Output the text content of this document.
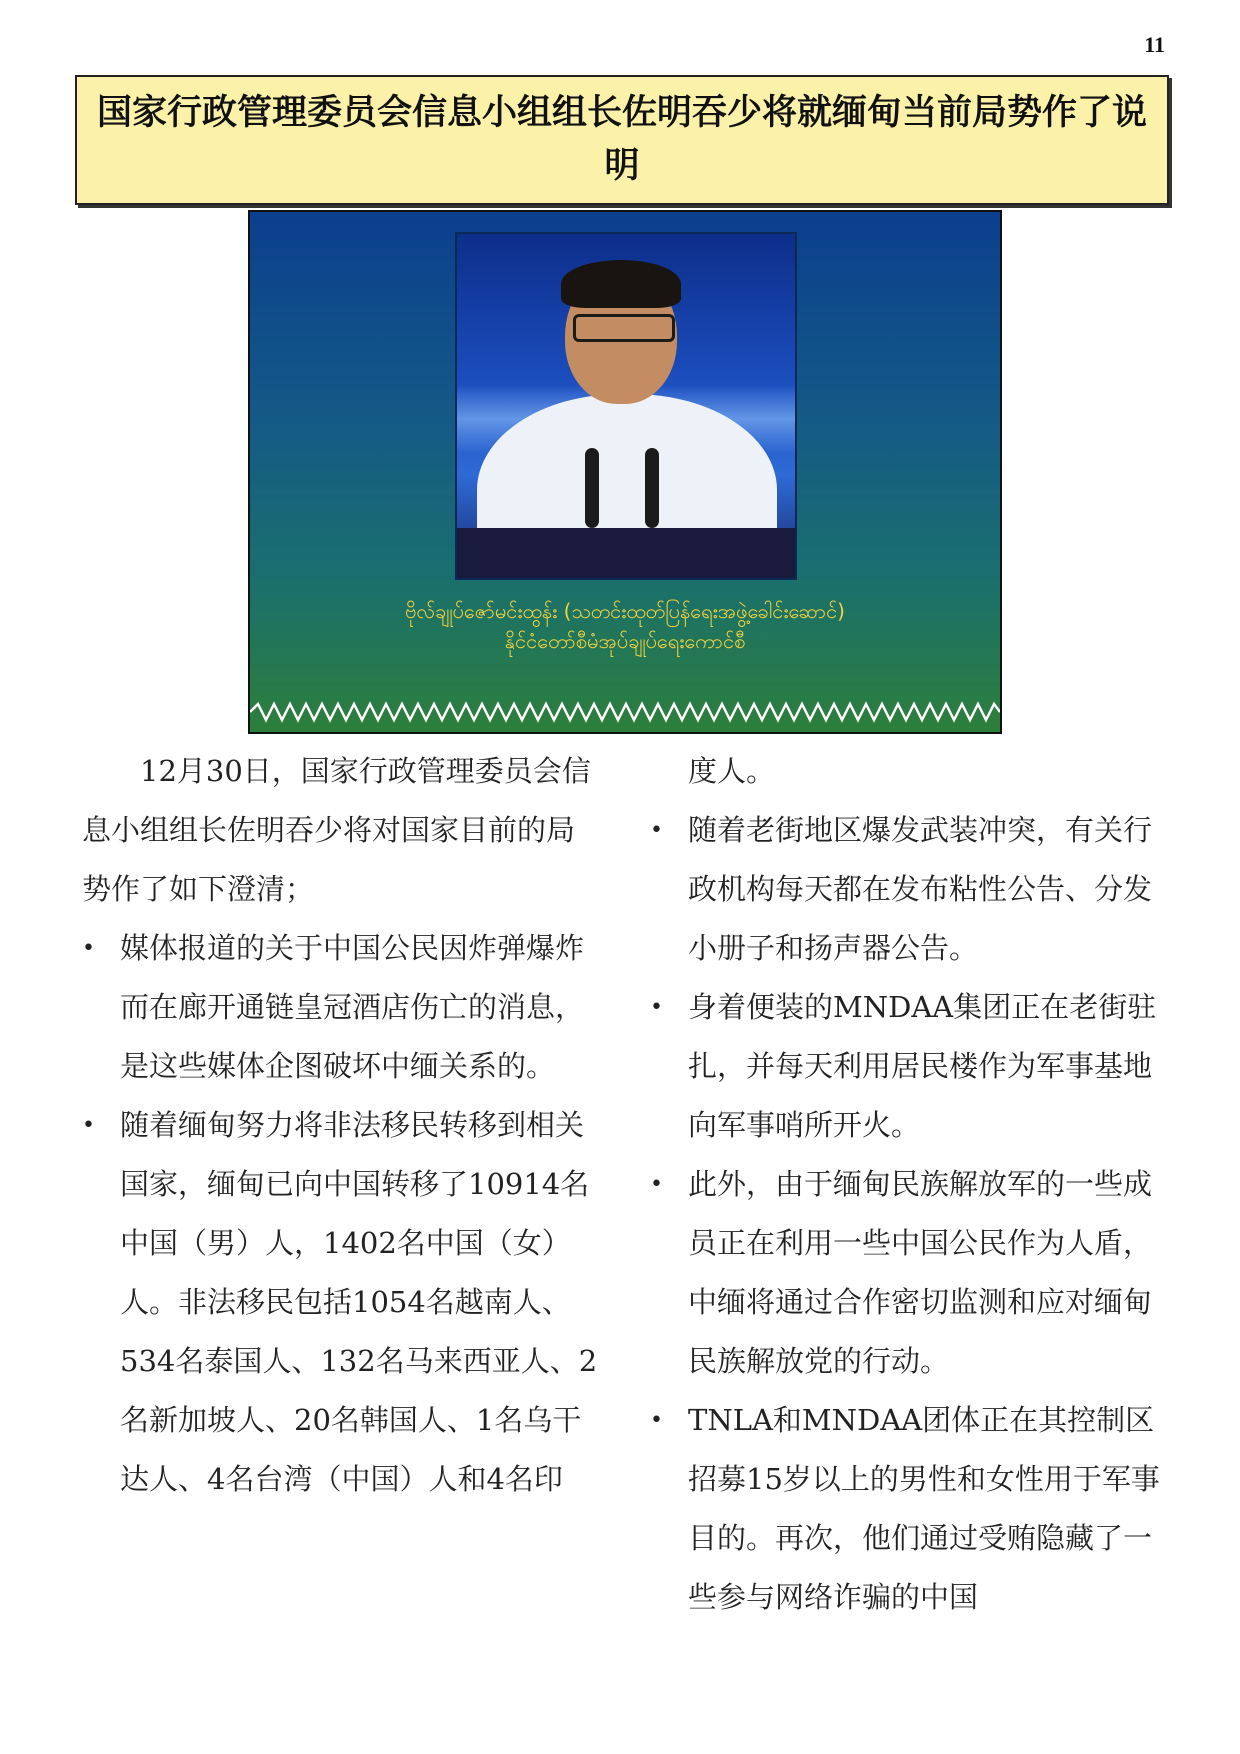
11
国家行政管理委员会信息小组组长佐明吞少将就缅甸当前局势作了说明
ဗိုလ်ချုပ်ဇော်မင်းထွန်း (သတင်းထုတ်ပြန်ရေးအဖွဲ့ခေါင်းဆောင်)
နိုင်ငံတော်စီမံအုပ်ချုပ်ရေးကောင်စီ

12月30日，国家行政管理委员会信息小组组长佐明吞少将对国家目前的局势作了如下澄清；

• 媒体报道的关于中国公民因炸弹爆炸而在廊开通链皇冠酒店伤亡的消息，是这些媒体企图破坏中缅关系的。
• 随着缅甸努力将非法移民转移到相关国家，缅甸已向中国转移了10914名中国（男）人，1402名中国（女）人。非法移民包括1054名越南人、534名泰国人、132名马来西亚人、2名新加坡人、20名韩国人、1名乌干达人、4名台湾（中国）人和4名印

度人。

• 随着老街地区爆发武装冲突，有关行政机构每天都在发布粘性公告、分发小册子和扬声器公告。
• 身着便装的MNDAA集团正在老街驻扎，并每天利用居民楼作为军事基地向军事哨所开火。
• 此外，由于缅甸民族解放军的一些成员正在利用一些中国公民作为人盾，中缅将通过合作密切监测和应对缅甸民族解放党的行动。
• TNLA和MNDAA团体正在其控制区招募15岁以上的男性和女性用于军事目的。再次，他们通过受贿隐藏了一些参与网络诈骗的中国
